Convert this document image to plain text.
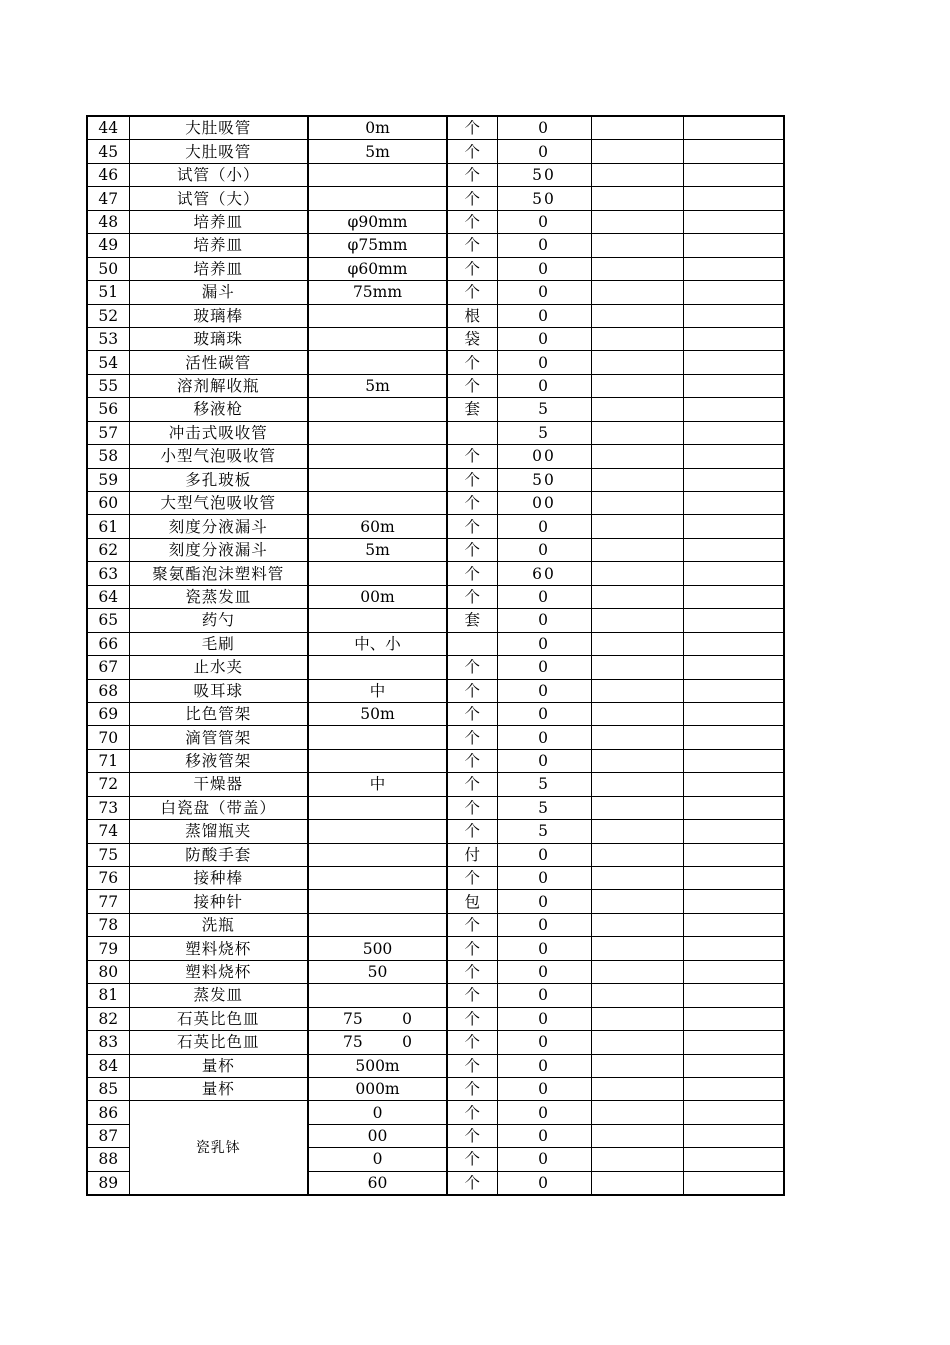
44	大肚吸管	0m	个	0		
45	大肚吸管	5m	个	0		
46	试管（小）		个	50		
47	试管（大）		个	50		
48	培养皿	φ90mm	个	0		
49	培养皿	φ75mm	个	0		
50	培养皿	φ60mm	个	0		
51	漏斗	75mm	个	0		
52	玻璃棒		根	0		
53	玻璃珠		袋	0		
54	活性碳管		个	0		
55	溶剂解收瓶	5m	个	0		
56	移液枪		套	5		
57	冲击式吸收管			5		
58	小型气泡吸收管		个	00		
59	多孔玻板		个	50		
60	大型气泡吸收管		个	00		
61	刻度分液漏斗	60m	个	0		
62	刻度分液漏斗	5m	个	0		
63	聚氨酯泡沫塑料管		个	60		
64	瓷蒸发皿	00m	个	0		
65	药勺		套	0		
66	毛刷	中、小		0		
67	止水夹		个	0		
68	吸耳球	中	个	0		
69	比色管架	50m	个	0		
70	滴管管架		个	0		
71	移液管架		个	0		
72	干燥器	中	个	5		
73	白瓷盘（带盖）		个	5		
74	蒸馏瓶夹		个	5		
75	防酸手套		付	0		
76	接种棒		个	0		
77	接种针		包	0		
78	洗瓶		个	0		
79	塑料烧杯	500	个	0		
80	塑料烧杯	50	个	0		
81	蒸发皿		个	0		
82	石英比色皿	75        0	个	0		
83	石英比色皿	75        0	个	0		
84	量杯	500m	个	0		
85	量杯	000m	个	0		
86	瓷乳钵	0	个	0		
87		00	个	0		
88		0	个	0		
89		60	个	0		
